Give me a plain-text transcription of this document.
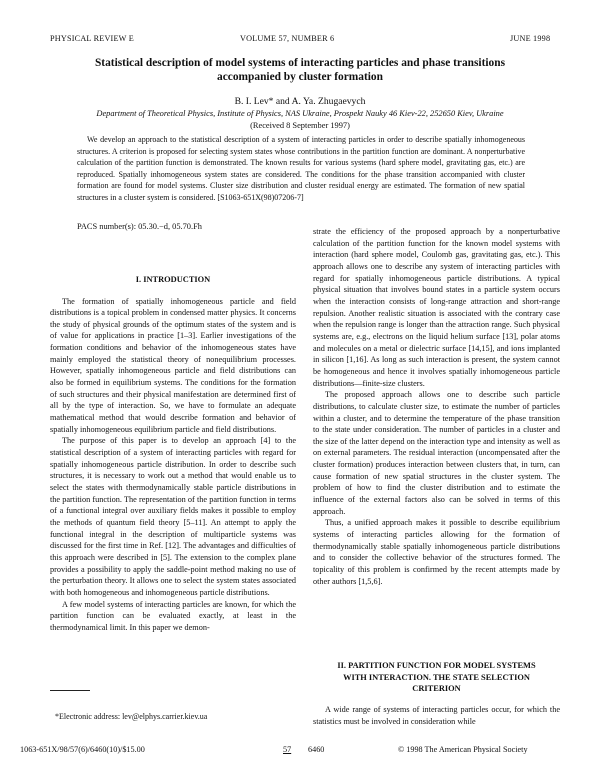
PHYSICAL REVIEW E	VOLUME 57, NUMBER 6	JUNE 1998
Statistical description of model systems of interacting particles and phase transitions
accompanied by cluster formation
B. I. Lev* and A. Ya. Zhugaevych
Department of Theoretical Physics, Institute of Physics, NAS Ukraine, Prospekt Nauky 46 Kiev-22, 252650 Kiev, Ukraine
(Received 8 September 1997)
We develop an approach to the statistical description of a system of interacting particles in order to describe spatially inhomogeneous structures. A criterion is proposed for selecting system states whose contributions in the partition function are dominant. A nonperturbative calculation of the partition function is demonstrated. The known results for various systems (hard sphere model, gravitating gas, etc.) are reproduced. Spatially inhomogeneous system states are considered. The conditions for the phase transition accompanied with cluster formation are found for model systems. Cluster size distribution and cluster residual energy are estimated. The formation of new spatial structures in a cluster system is considered. [S1063-651X(98)07206-7]
PACS number(s): 05.30.−d, 05.70.Fh
I. INTRODUCTION

The formation of spatially inhomogeneous particle and field distributions is a topical problem in condensed matter physics. It concerns the study of physical grounds of the optimum states of the system and is of value for applications in practice [1–3]. Earlier investigations of the formation conditions and behavior of the inhomogeneous states have mainly employed the statistical theory of nonequilibrium processes. However, spatially inhomogeneous particle and field distributions can also be formed in equilibrium systems. The conditions for the formation of such structures and their physical manifestation are determined first of all by the type of interaction. So, we have to formulate an adequate mathematical method that would describe formation and behavior of spatially inhomogeneous equilibrium particle and field distributions.

The purpose of this paper is to develop an approach [4] to the statistical description of a system of interacting particles with regard for spatially inhomogeneous particle distribution. In order to describe such structures, it is necessary to work out a method that would enable us to select the states with thermodynamically stable particle distributions in the partition function. The representation of the partition function in terms of a functional integral over auxiliary fields makes it possible to employ the methods of quantum field theory [5–11]. An attempt to apply the functional integral in the description of multiparticle systems was discussed for the first time in Ref. [12]. The advantages and difficulties of this approach were described in [5]. The extension to the complex plane provides a possibility to apply the saddle-point method making no use of the perturbation theory. It allows one to select the system states associated with both homogeneous and inhomogeneous particle distributions.

A few model systems of interacting particles are known, for which the partition function can be evaluated exactly, at least in the thermodynamical limit. In this paper we demon-

strate the efficiency of the proposed approach by a nonperturbative calculation of the partition function for the known model systems with interaction (hard sphere model, Coulomb gas, gravitating gas, etc.). This approach allows one to describe any system of interacting particles with regard for spatially inhomogeneous particle distributions. A typical physical situation that involves bound states in a particle system occurs when the interaction consists of long-range attraction and short-range repulsion. Another realistic situation is associated with the contrary case when the repulsion range is longer than the attraction range. Such physical systems are, e.g., electrons on the liquid helium surface [13], polar atoms and molecules on a metal or dielectric surface [14,15], and ions implanted in silicon [1,16]. As long as such interaction is present, the system cannot be homogeneous and hence it involves spatially inhomogeneous particle distributions—finite-size clusters.

The proposed approach allows one to describe such particle distributions, to calculate cluster size, to estimate the number of particles within a cluster, and to determine the temperature of the phase transition to the state under consideration. The number of particles in a cluster and the size of the latter depend on the interaction type and intensity as well as on external parameters. The residual interaction (uncompensated after the cluster formation) produces interaction between clusters that, in turn, can cause formation of new spatial structures in the cluster system. The problem of how to find the cluster distribution and to estimate the influence of the external factors also can be solved in terms of this approach.

Thus, a unified approach makes it possible to describe equilibrium systems of interacting particles allowing for the formation of thermodynamically stable spatially inhomogeneous particle distributions and to consider the collective behavior of the structures formed. The topicality of this problem is confirmed by the recent attempts made by other authors [1,5,6].

II. PARTITION FUNCTION FOR MODEL SYSTEMS
WITH INTERACTION. THE STATE SELECTION
CRITERION

A wide range of systems of interacting particles occur, for which the statistics must be involved in consideration while

*Electronic address: lev@elphys.carrier.kiev.ua
1063-651X/98/57(6)/6460(10)/$15.00	57 6460	© 1998 The American Physical Society
